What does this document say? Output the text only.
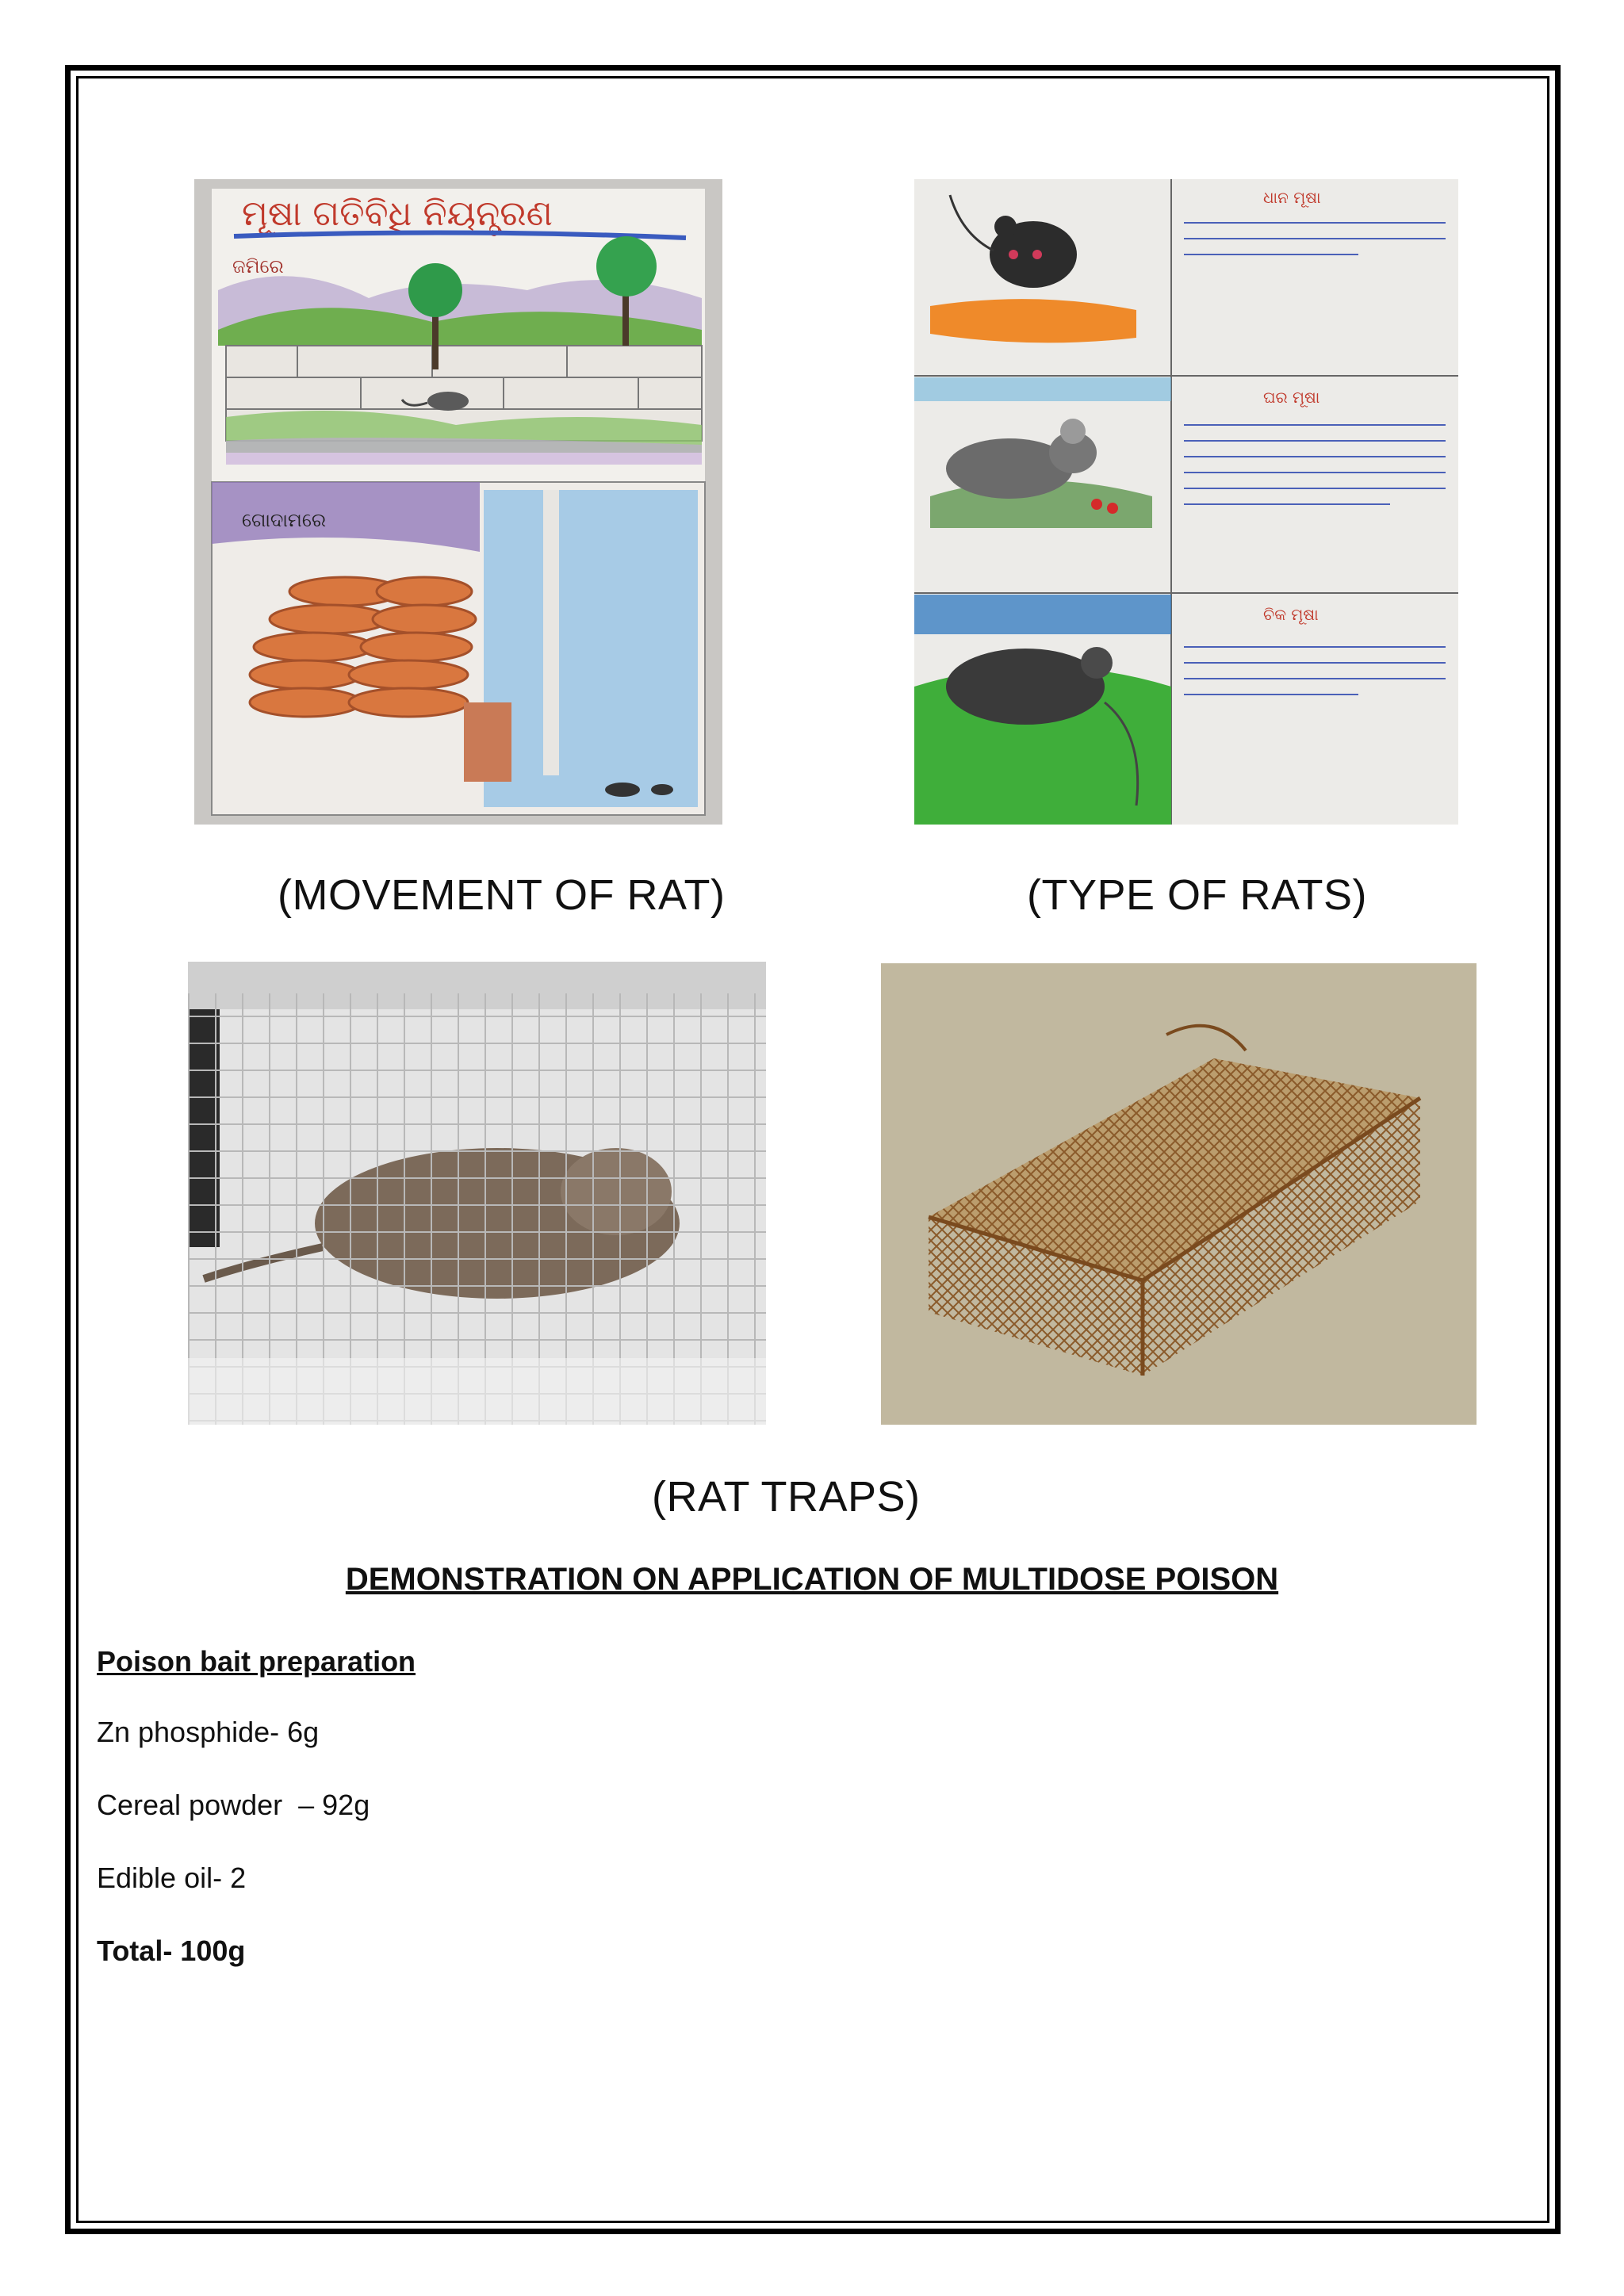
ମୂଷା ଗତିବିଧି ନିୟନ୍ତ୍ରଣ
ଜମିରେ
ଗୋଦାମରେ
ଧାନ ମୂଷା
ଘର ମୂଷା
ଚିକ ମୂଷା
(MOVEMENT OF RAT)	(TYPE OF RATS)
(RAT TRAPS)
DEMONSTRATION ON APPLICATION OF MULTIDOSE POISON
Poison bait preparation
Zn phosphide- 6g
Cereal powder  – 92g
Edible oil- 2
Total- 100g
